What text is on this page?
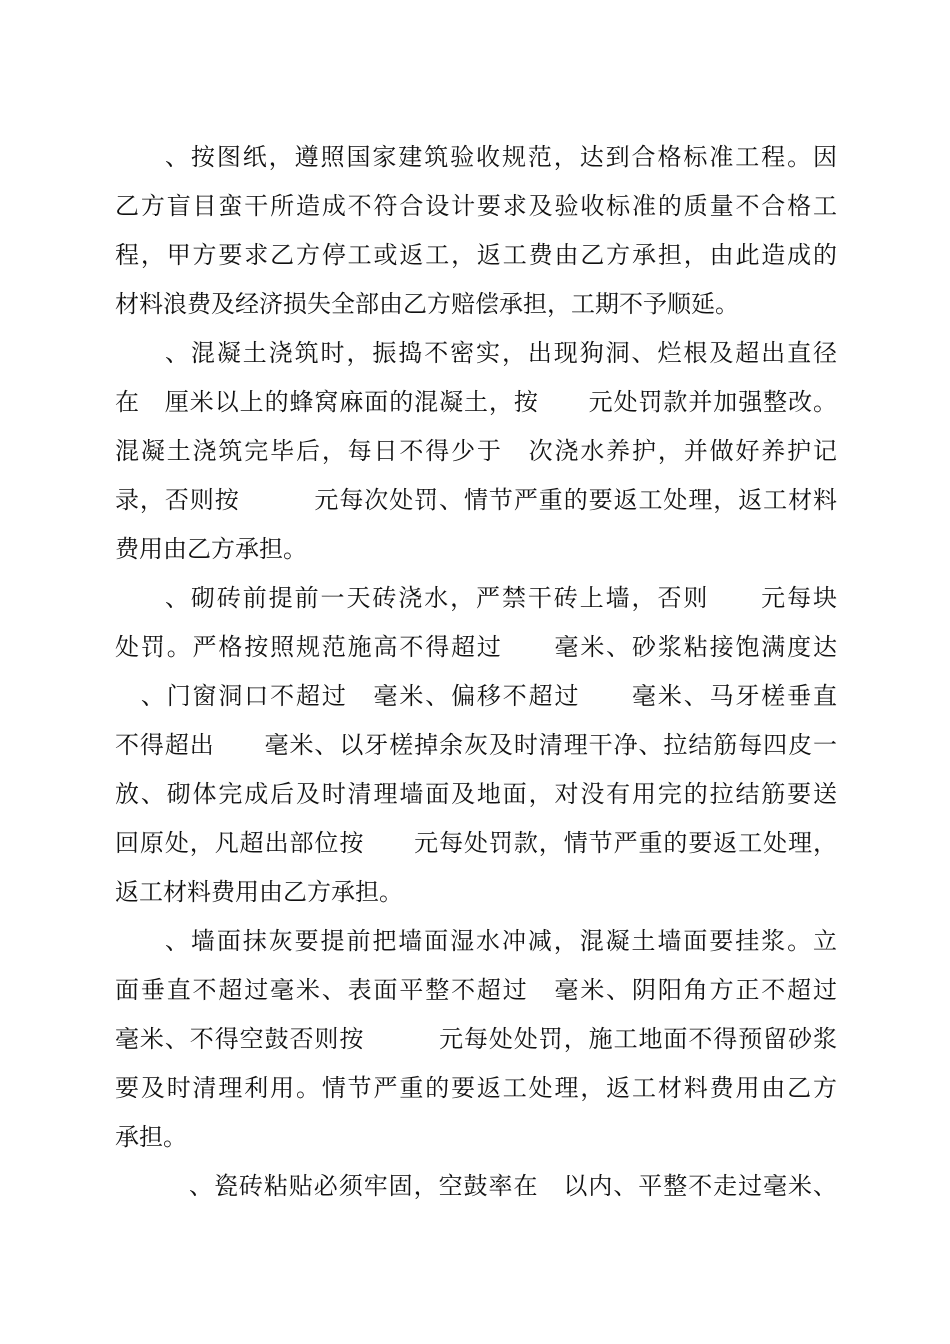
、按图纸，遵照国家建筑验收规范，达到合格标准工程。因
乙方盲目蛮干所造成不符合设计要求及验收标准的质量不合格工
程，甲方要求乙方停工或返工，返工费由乙方承担，由此造成的
材料浪费及经济损失全部由乙方赔偿承担，工期不予顺延。
、混凝土浇筑时，振捣不密实，出现狗洞、烂根及超出直径
在　厘米以上的蜂窝麻面的混凝土，按　　元处罚款并加强整改。
混凝土浇筑完毕后，每日不得少于　次浇水养护，并做好养护记
录，否则按　　　元每次处罚、情节严重的要返工处理，返工材料
费用由乙方承担。
、砌砖前提前一天砖浇水，严禁干砖上墙，否则　　元每块
处罚。严格按照规范施高不得超过　　毫米、砂浆粘接饱满度达
　、门窗洞口不超过　毫米、偏移不超过　　毫米、马牙槎垂直
不得超出　　毫米、以牙槎掉余灰及时清理干净、拉结筋每四皮一
放、砌体完成后及时清理墙面及地面，对没有用完的拉结筋要送
回原处，凡超出部位按　　元每处罚款，情节严重的要返工处理，
返工材料费用由乙方承担。
、墙面抹灰要提前把墙面湿水冲减，混凝土墙面要挂浆。立
面垂直不超过毫米、表面平整不超过　毫米、阴阳角方正不超过
毫米、不得空鼓否则按　　　元每处处罚，施工地面不得预留砂浆
要及时清理利用。情节严重的要返工处理，返工材料费用由乙方
承担。
、瓷砖粘贴必须牢固，空鼓率在　以内、平整不走过毫米、
